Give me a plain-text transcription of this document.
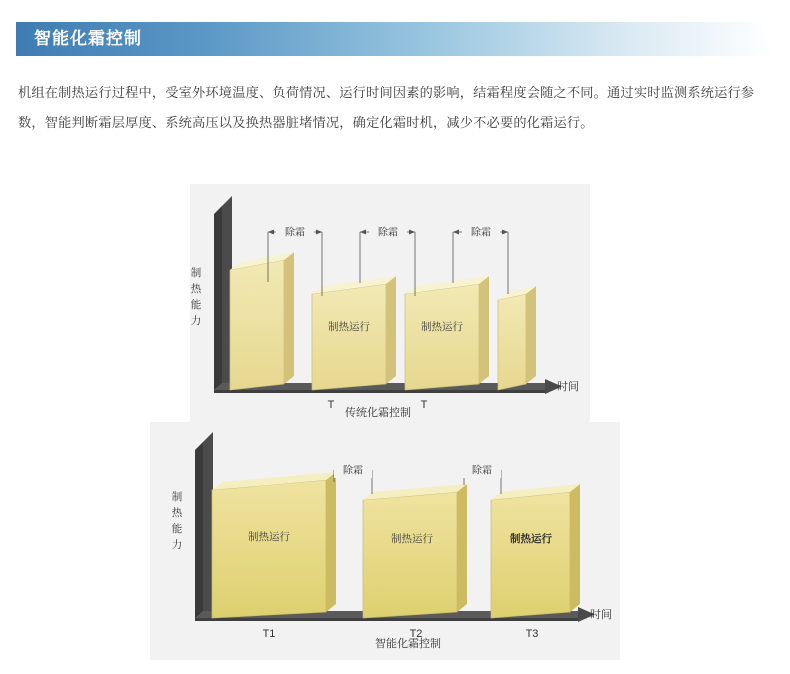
智能化霜控制
机组在制热运行过程中，受室外环境温度、负荷情况、运行时间因素的影响，结霜程度会随之不同。通过实时监测系统运行参数，智能判断霜层厚度、系统高压以及换热器脏堵情况，确定化霜时机，减少不必要的化霜运行。
制热运行	制热运行
除霜	除霜	除霜
制
热
能
力
T	T
时间
传统化霜控制
制热运行	制热运行	制热运行
除霜	除霜
制
热
能
力
T1	T2	T3
时间
智能化霜控制
